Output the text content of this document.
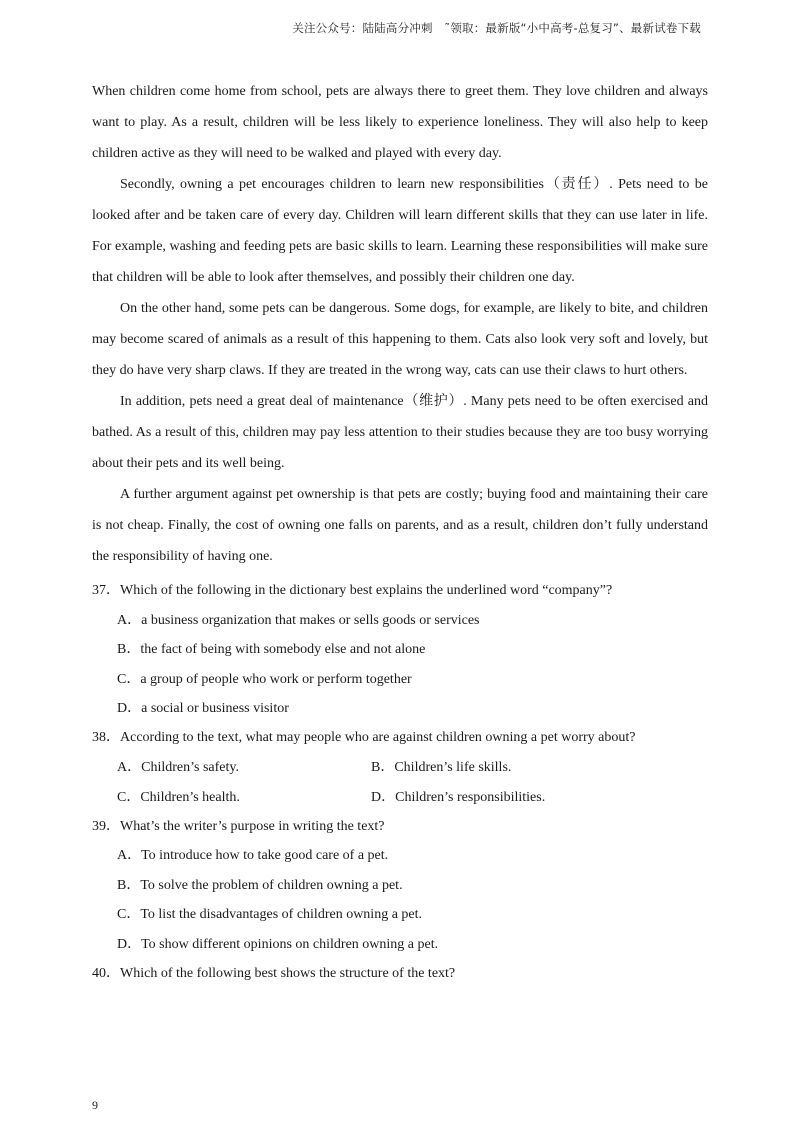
关注公众号：陆陆高分冲刺　˜领取：最新版“小中高考-总复习”、最新试卷下载

When children come home from school, pets are always there to greet them. They love children and always want to play. As a result, children will be less likely to experience loneliness. They will also help to keep children active as they will need to be walked and played with every day.

Secondly, owning a pet encourages children to learn new responsibilities（责任）. Pets need to be looked after and be taken care of every day. Children will learn different skills that they can use later in life. For example, washing and feeding pets are basic skills to learn. Learning these responsibilities will make sure that children will be able to look after themselves, and possibly their children one day.

On the other hand, some pets can be dangerous. Some dogs, for example, are likely to bite, and children may become scared of animals as a result of this happening to them. Cats also look very soft and lovely, but they do have very sharp claws. If they are treated in the wrong way, cats can use their claws to hurt others.

In addition, pets need a great deal of maintenance（维护）. Many pets need to be often exercised and bathed. As a result of this, children may pay less attention to their studies because they are too busy worrying about their pets and its well being.

A further argument against pet ownership is that pets are costly; buying food and maintaining their care is not cheap. Finally, the cost of owning one falls on parents, and as a result, children don’t fully understand the responsibility of having one.

37．Which of the following in the dictionary best explains the underlined word “company”?

A．a business organization that makes or sells goods or services
B．the fact of being with somebody else and not alone
C．a group of people who work or perform together
D．a social or business visitor

38．According to the text, what may people who are against children owning a pet worry about?

A．Children’s safety.	B．Children’s life skills.
C．Children’s health.	D．Children’s responsibilities.

39．What’s the writer’s purpose in writing the text?

A．To introduce how to take good care of a pet.
B．To solve the problem of children owning a pet.
C．To list the disadvantages of children owning a pet.
D．To show different opinions on children owning a pet.

40．Which of the following best shows the structure of the text?

9
